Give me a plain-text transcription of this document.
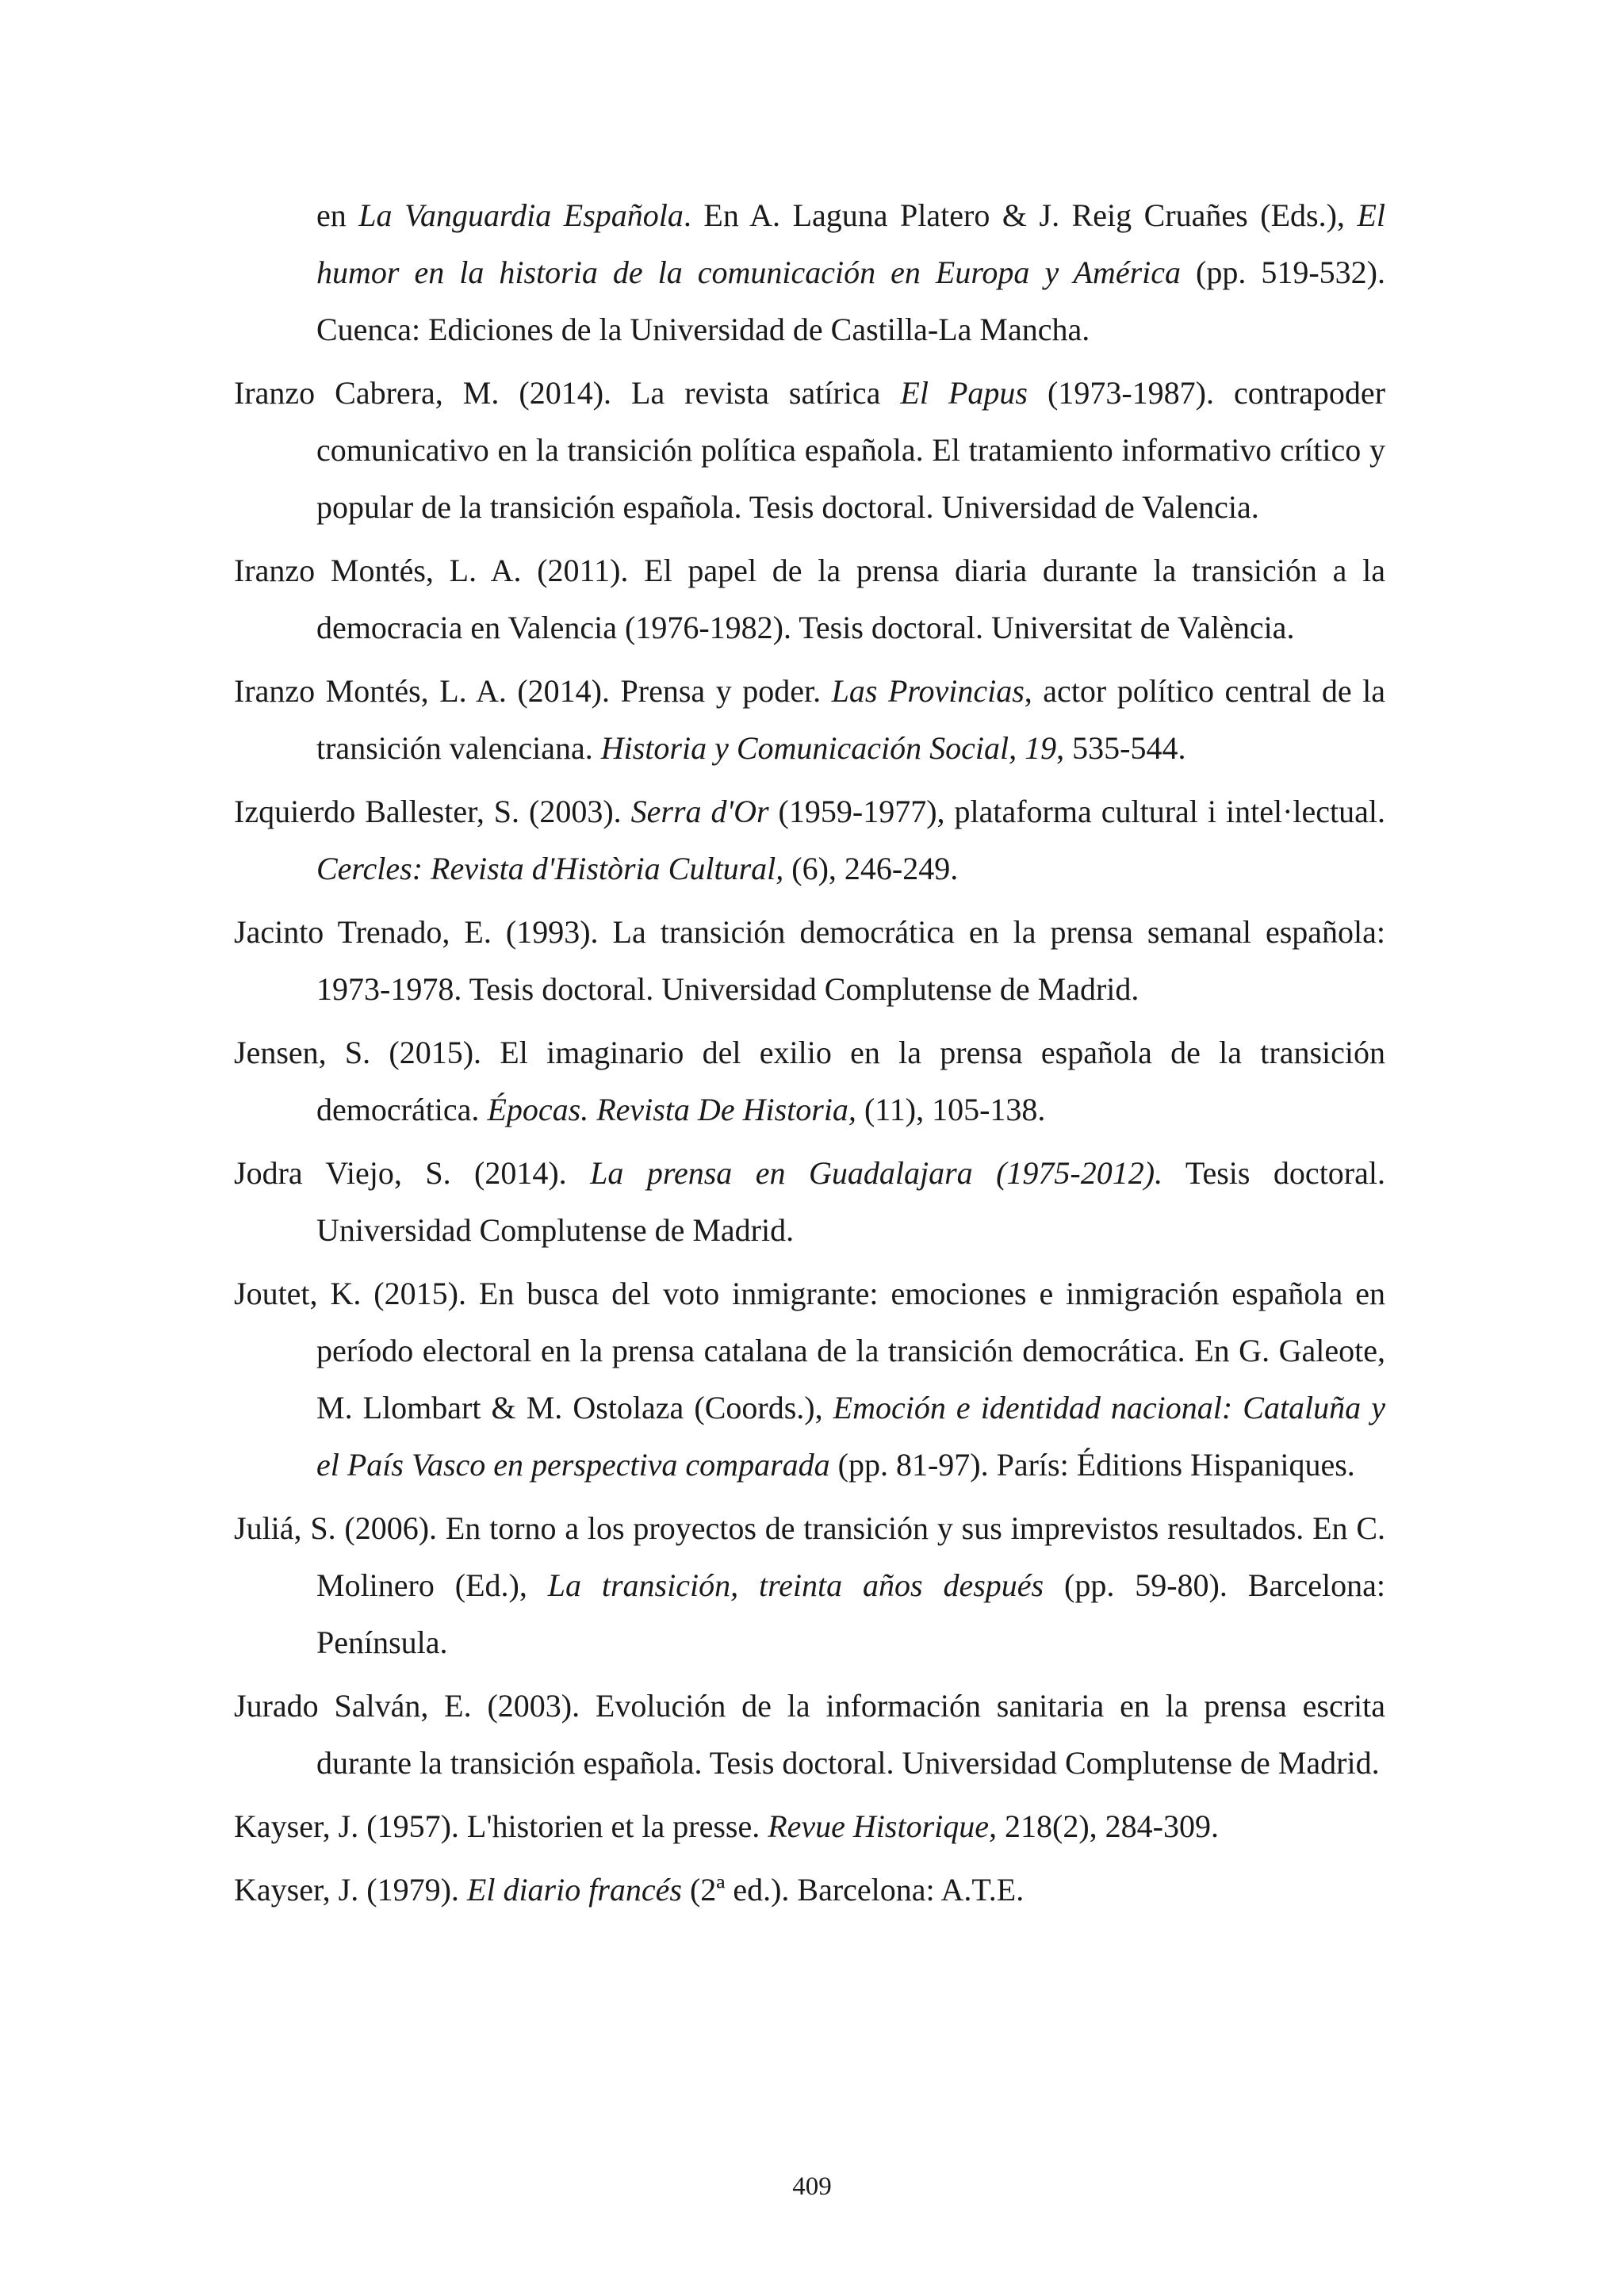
en La Vanguardia Española. En A. Laguna Platero & J. Reig Cruañes (Eds.), El humor en la historia de la comunicación en Europa y América (pp. 519-532). Cuenca: Ediciones de la Universidad de Castilla-La Mancha.

Iranzo Cabrera, M. (2014). La revista satírica El Papus (1973-1987). contrapoder comunicativo en la transición política española. El tratamiento informativo crítico y popular de la transición española. Tesis doctoral. Universidad de Valencia.

Iranzo Montés, L. A. (2011). El papel de la prensa diaria durante la transición a la democracia en Valencia (1976-1982). Tesis doctoral. Universitat de València.

Iranzo Montés, L. A. (2014). Prensa y poder. Las Provincias, actor político central de la transición valenciana. Historia y Comunicación Social, 19, 535-544.

Izquierdo Ballester, S. (2003). Serra d'Or (1959-1977), plataforma cultural i intel·lectual. Cercles: Revista d'Història Cultural, (6), 246-249.

Jacinto Trenado, E. (1993). La transición democrática en la prensa semanal española: 1973-1978. Tesis doctoral. Universidad Complutense de Madrid.

Jensen, S. (2015). El imaginario del exilio en la prensa española de la transición democrática. Épocas. Revista De Historia, (11), 105-138.

Jodra Viejo, S. (2014). La prensa en Guadalajara (1975-2012). Tesis doctoral. Universidad Complutense de Madrid.

Joutet, K. (2015). En busca del voto inmigrante: emociones e inmigración española en período electoral en la prensa catalana de la transición democrática. En G. Galeote, M. Llombart & M. Ostolaza (Coords.), Emoción e identidad nacional: Cataluña y el País Vasco en perspectiva comparada (pp. 81-97). París: Éditions Hispaniques.

Juliá, S. (2006). En torno a los proyectos de transición y sus imprevistos resultados. En C. Molinero (Ed.), La transición, treinta años después (pp. 59-80). Barcelona: Península.

Jurado Salván, E. (2003). Evolución de la información sanitaria en la prensa escrita durante la transición española. Tesis doctoral. Universidad Complutense de Madrid.

Kayser, J. (1957). L'historien et la presse. Revue Historique, 218(2), 284-309.

Kayser, J. (1979). El diario francés (2ª ed.). Barcelona: A.T.E.

409
